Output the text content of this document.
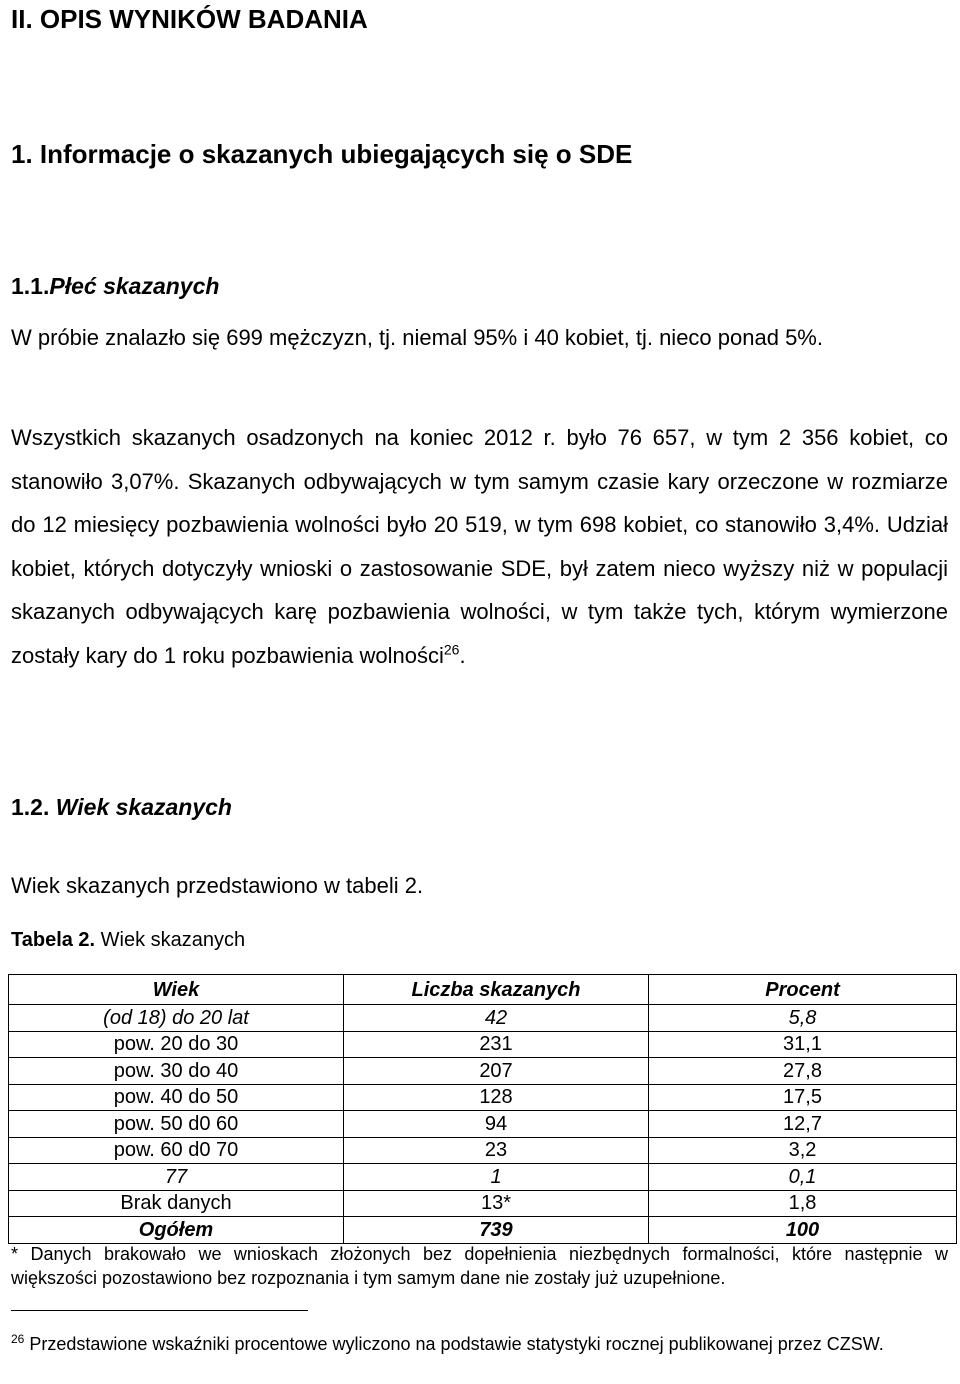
II. OPIS WYNIKÓW BADANIA
1. Informacje o skazanych ubiegających się o SDE
1.1.Płeć skazanych

W próbie znalazło się 699 mężczyzn, tj. niemal 95% i 40 kobiet, tj. nieco ponad 5%.

Wszystkich skazanych osadzonych na koniec 2012 r. było 76 657, w tym 2 356 kobiet, co stanowiło 3,07%. Skazanych odbywających w tym samym czasie kary orzeczone w rozmiarze do 12 miesięcy pozbawienia wolności było 20 519, w tym 698 kobiet, co stanowiło 3,4%. Udział kobiet, których dotyczyły wnioski o zastosowanie SDE, był zatem nieco wyższy niż w populacji skazanych odbywających karę pozbawienia wolności, w tym także tych, którym wymierzone zostały kary do 1 roku pozbawienia wolności$^{26}$.

1.2. Wiek skazanych

Wiek skazanych przedstawiono w tabeli 2.

Tabela 2. Wiek skazanych

Wiek	Liczba skazanych	Procent
(od 18) do 20 lat	42	5,8
pow. 20 do 30	231	31,1
pow. 30 do 40	207	27,8
pow. 40 do 50	128	17,5
pow. 50 d0 60	94	12,7
pow. 60 d0 70	23	3,2
77	1	0,1
Brak danych	13*	1,8
Ogółem	739	100

* Danych brakowało we wnioskach złożonych bez dopełnienia niezbędnych formalności, które następnie w większości pozostawiono bez rozpoznania i tym samym dane nie zostały już uzupełnione.

$^{26}$ Przedstawione wskaźniki procentowe wyliczono na podstawie statystyki rocznej publikowanej przez CZSW.
